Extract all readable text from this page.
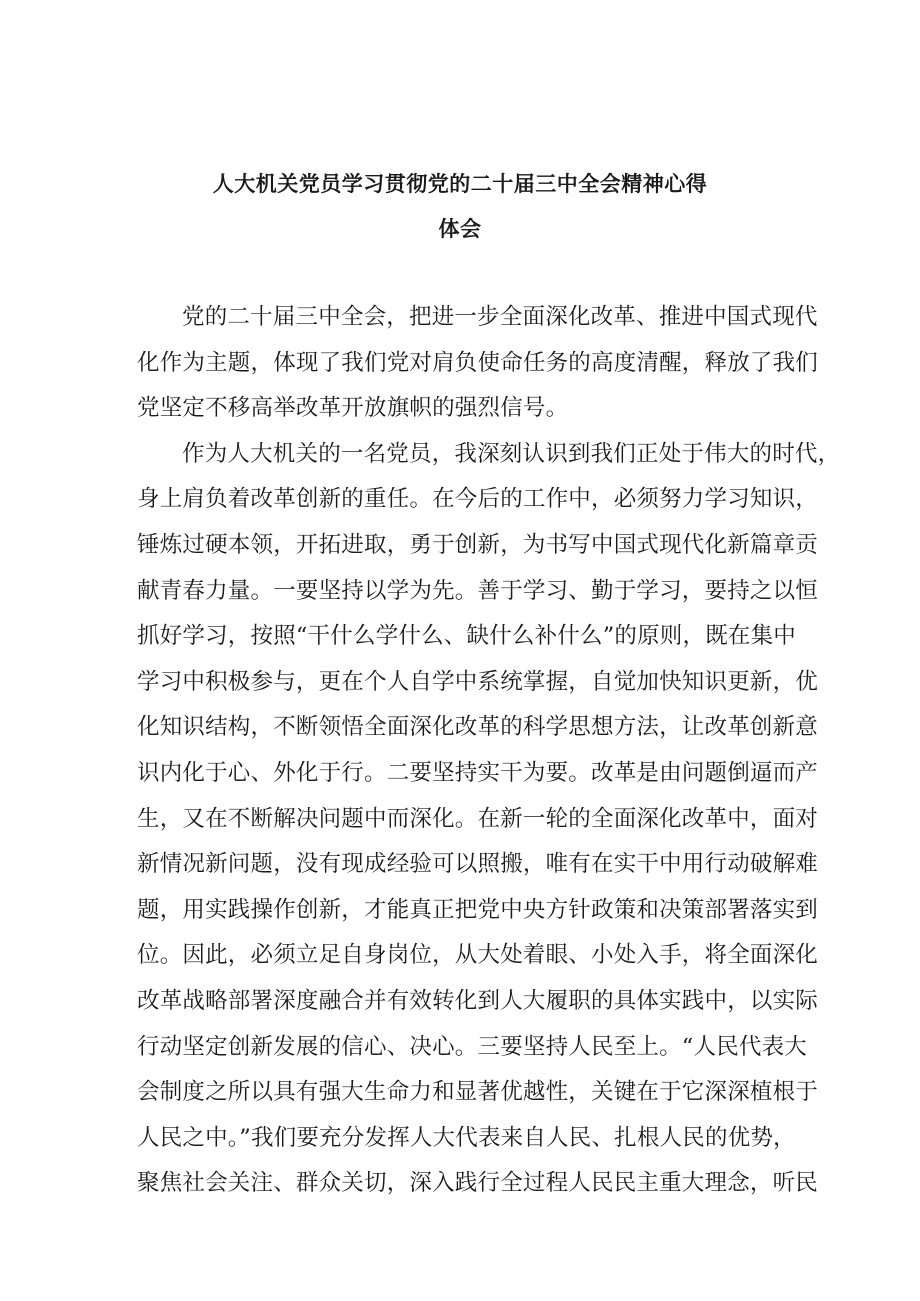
人大机关党员学习贯彻党的二十届三中全会精神心得
体会
党的二十届三中全会，把进一步全面深化改革、推进中国式现代
化作为主题，体现了我们党对肩负使命任务的高度清醒，释放了我们
党坚定不移高举改革开放旗帜的强烈信号。
作为人大机关的一名党员，我深刻认识到我们正处于伟大的时代，
身上肩负着改革创新的重任。在今后的工作中，必须努力学习知识，
锤炼过硬本领，开拓进取，勇于创新，为书写中国式现代化新篇章贡
献青春力量。一要坚持以学为先。善于学习、勤于学习，要持之以恒
抓好学习，按照“干什么学什么、缺什么补什么”的原则，既在集中
学习中积极参与，更在个人自学中系统掌握，自觉加快知识更新，优
化知识结构，不断领悟全面深化改革的科学思想方法，让改革创新意
识内化于心、外化于行。二要坚持实干为要。改革是由问题倒逼而产
生，又在不断解决问题中而深化。在新一轮的全面深化改革中，面对
新情况新问题，没有现成经验可以照搬，唯有在实干中用行动破解难
题，用实践操作创新，才能真正把党中央方针政策和决策部署落实到
位。因此，必须立足自身岗位，从大处着眼、小处入手，将全面深化
改革战略部署深度融合并有效转化到人大履职的具体实践中，以实际
行动坚定创新发展的信心、决心。三要坚持人民至上。“人民代表大
会制度之所以具有强大生命力和显著优越性，关键在于它深深植根于
人民之中。”我们要充分发挥人大代表来自人民、扎根人民的优势，
聚焦社会关注、群众关切，深入践行全过程人民民主重大理念，听民
